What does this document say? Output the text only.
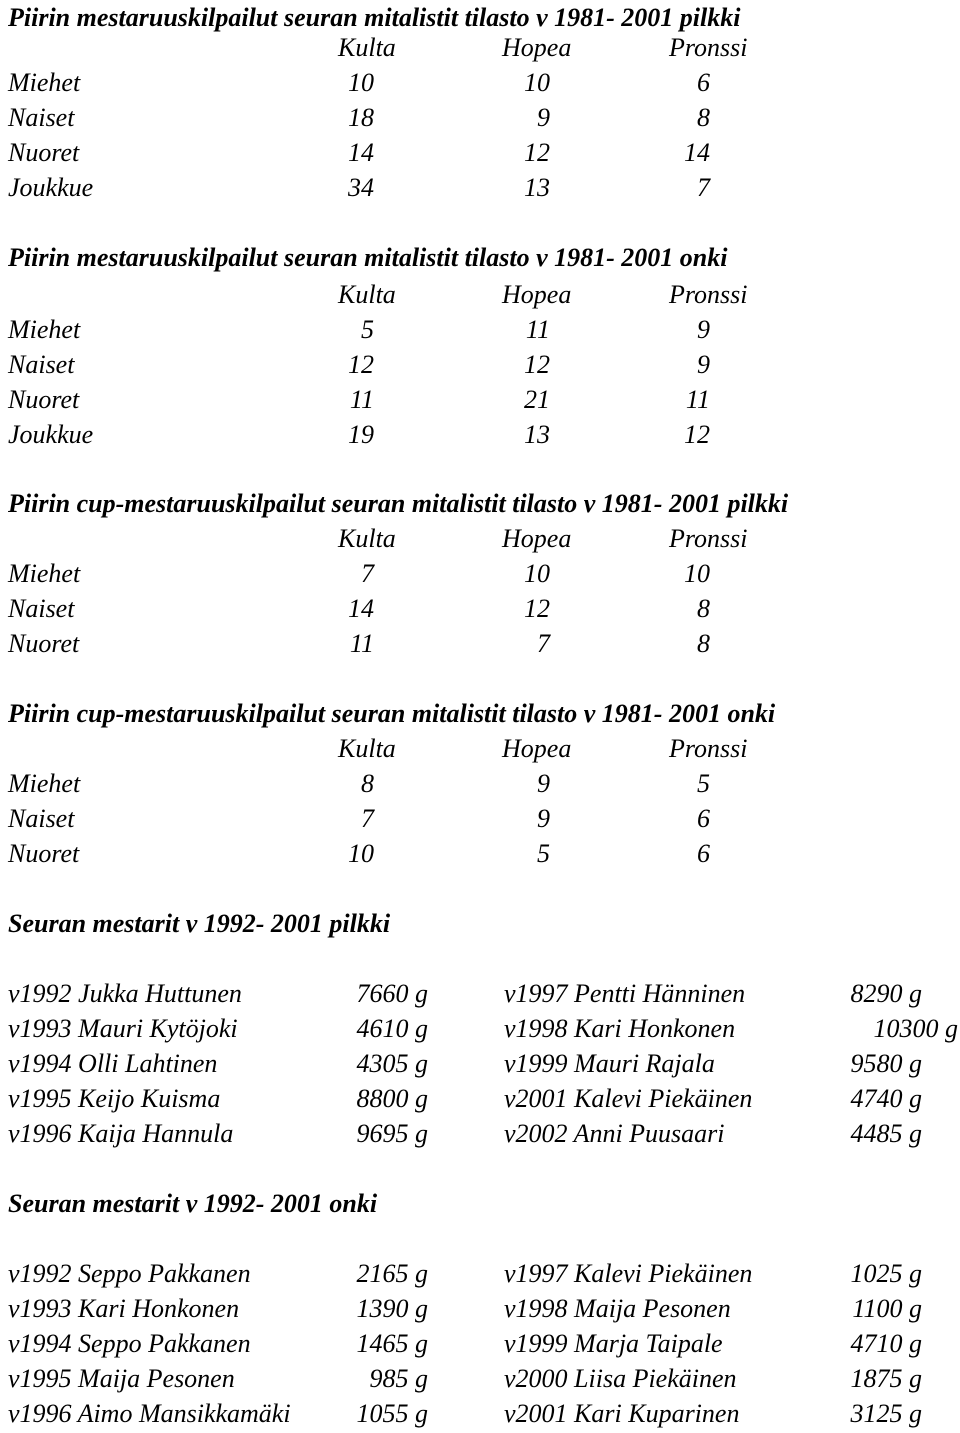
Piirin mestaruuskilpailut seuran mitalistit tilasto v 1981- 2001 pilkki
Kulta	Hopea	Pronssi
Miehet	10	10	6
Naiset	18	9	8
Nuoret	14	12	14
Joukkue	34	13	7
Piirin mestaruuskilpailut seuran mitalistit tilasto v 1981- 2001 onki
Kulta	Hopea	Pronssi
Miehet	5	11	9
Naiset	12	12	9
Nuoret	11	21	11
Joukkue	19	13	12
Piirin cup-mestaruuskilpailut seuran mitalistit tilasto v 1981- 2001 pilkki
Kulta	Hopea	Pronssi
Miehet	7	10	10
Naiset	14	12	8
Nuoret	11	7	8
Piirin cup-mestaruuskilpailut seuran mitalistit tilasto v 1981- 2001 onki
Kulta	Hopea	Pronssi
Miehet	8	9	5
Naiset	7	9	6
Nuoret	10	5	6
Seuran mestarit v 1992- 2001 pilkki
v1992 Jukka Huttunen	7660 g	v1997 Pentti Hänninen	8290 g
v1993 Mauri Kytöjoki	4610 g	v1998 Kari Honkonen	10300 g
v1994 Olli Lahtinen	4305 g	v1999 Mauri Rajala	9580 g
v1995 Keijo Kuisma	8800 g	v2001 Kalevi Piekäinen	4740 g
v1996 Kaija Hannula	9695 g	v2002 Anni Puusaari	4485 g
Seuran mestarit v 1992- 2001 onki
v1992 Seppo Pakkanen	2165 g	v1997 Kalevi Piekäinen	1025 g
v1993 Kari Honkonen	1390 g	v1998 Maija Pesonen	1100 g
v1994 Seppo Pakkanen	1465 g	v1999 Marja Taipale	4710 g
v1995 Maija Pesonen	985 g	v2000 Liisa Piekäinen	1875 g
v1996 Aimo Mansikkamäki	1055 g	v2001 Kari Kuparinen	3125 g
